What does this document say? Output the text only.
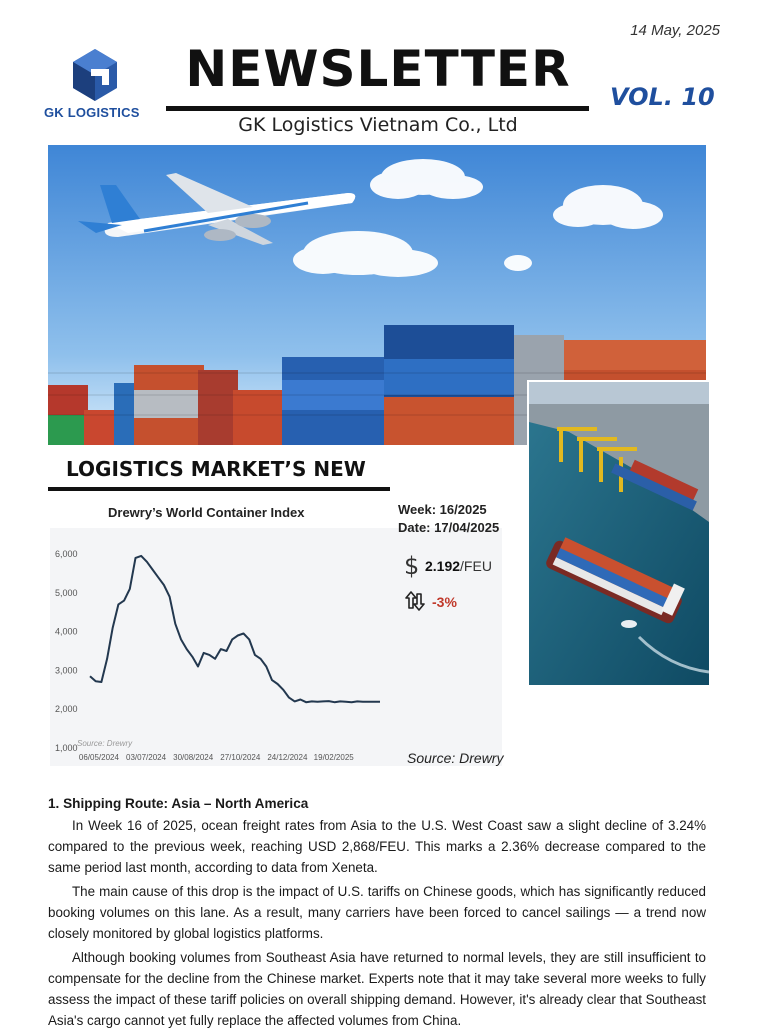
14 May, 2025
GK LOGISTICS
NEWSLETTER
GK Logistics Vietnam Co., Ltd
VOL. 10
LOGISTICS MARKET’S NEW
Drewry’s World Container Index
1,000
2,000
3,000
4,000
5,000
6,000
06/05/2024 03/07/2024 30/08/2024 27/10/2024 24/12/2024 19/02/2025
Source: Drewry
Week: 16/2025
Date: 17/04/2025
$ 2.192/FEU
-3%
Source: Drewry
1. Shipping Route: Asia – North America

In Week 16 of 2025, ocean freight rates from Asia to the U.S. West Coast saw a slight decline of 3.24% compared to the previous week, reaching USD 2,868/FEU. This marks a 2.36% decrease compared to the same period last month, according to data from Xeneta.

The main cause of this drop is the impact of U.S. tariffs on Chinese goods, which has significantly reduced booking volumes on this lane. As a result, many carriers have been forced to cancel sailings — a trend now closely monitored by global logistics platforms.

Although booking volumes from Southeast Asia have returned to normal levels, they are still insufficient to compensate for the decline from the Chinese market. Experts note that it may take several more weeks to fully assess the impact of these tariff policies on overall shipping demand. However, it's already clear that Southeast Asia's cargo cannot yet fully replace the affected volumes from China.
